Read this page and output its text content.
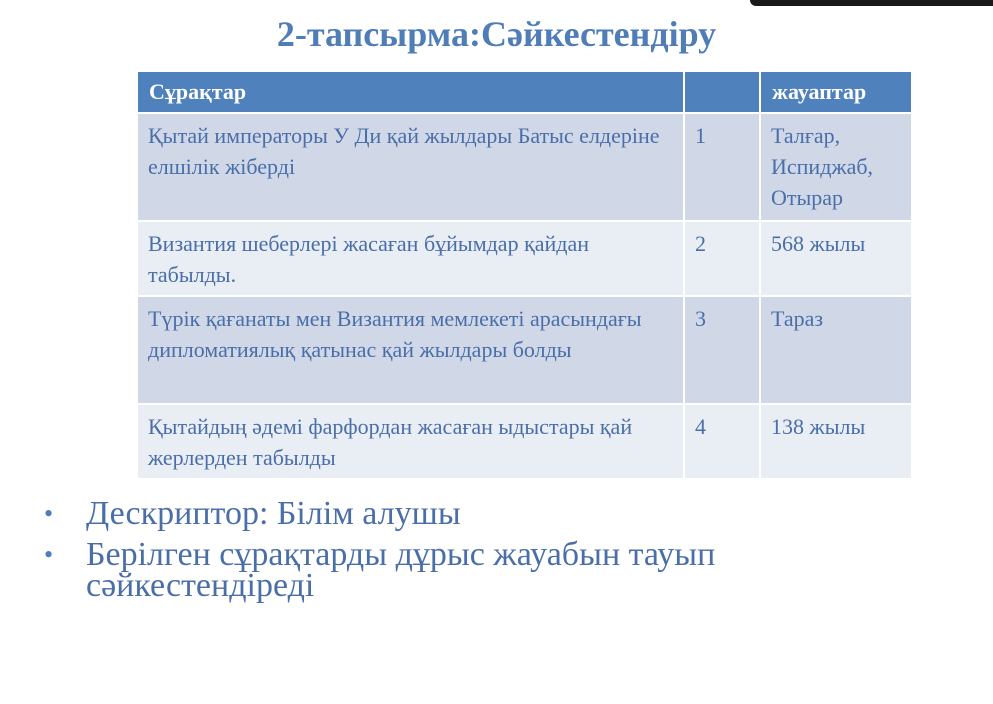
2-тапсырма:Сәйкестендіру
Сұрақтар		жауаптар
Қытай императоры У Ди қай жылдары Батыс елдеріне елшілік жіберді	1	Талғар, Испиджаб, Отырар
Византия шеберлері жасаған бұйымдар қайдан табылды.	2	568 жылы
Түрік қағанаты мен Византия мемлекеті арасындағы дипломатиялық қатынас қай жылдары болды	3	Тараз
Қытайдың әдемі фарфордан жасаған ыдыстары қай жерлерден табылды	4	138 жылы
• Дескриптор: Білім алушы
• Берілген сұрақтарды дұрыс жауабын тауып сәйкестендіреді
